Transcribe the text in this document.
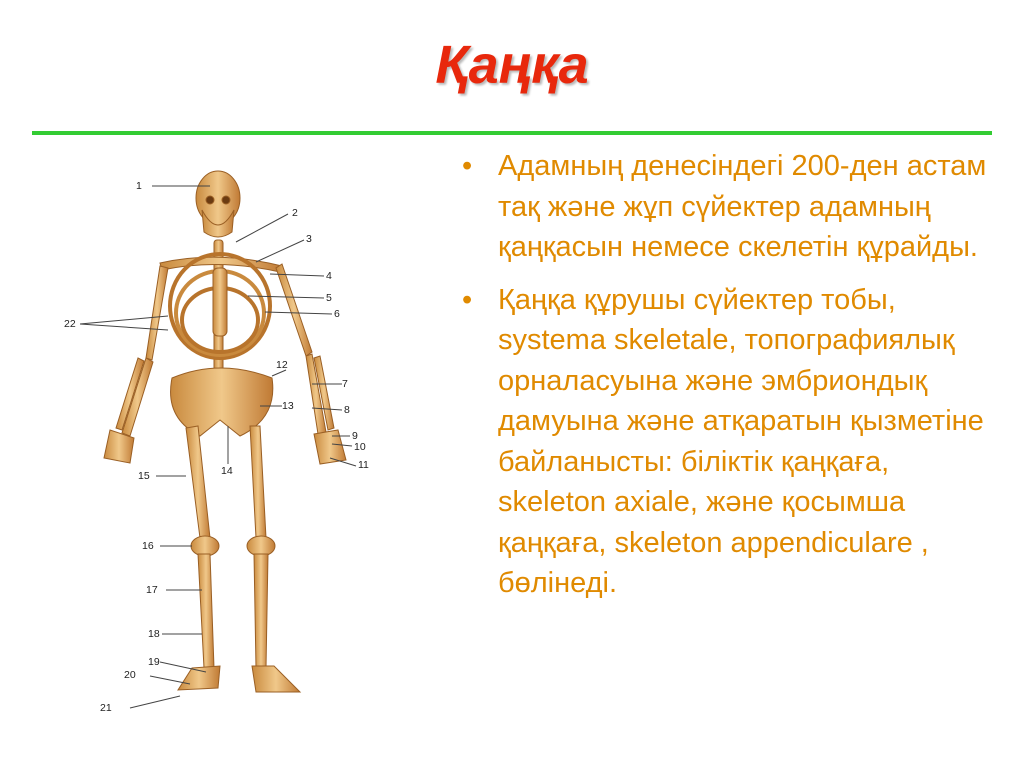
Қаңқа
1
2
3
4
5
6
7
8
9
10
11
12
13
14
15
16
17
18
19
20
21
22
• Адамның денесіндегі 200-ден астам тақ және жұп сүйектер адамның қаңқасын немесе скелетін құрайды.
• Қаңқа құрушы сүйектер тобы, systema skeletale, топографиялық орналасуына және эмбриондық дамуына және атқаратын қызметіне байланысты: біліктік қаңқаға, skeleton axiale, және қосымша қаңқаға, skeleton appendiculare , бөлінеді.
